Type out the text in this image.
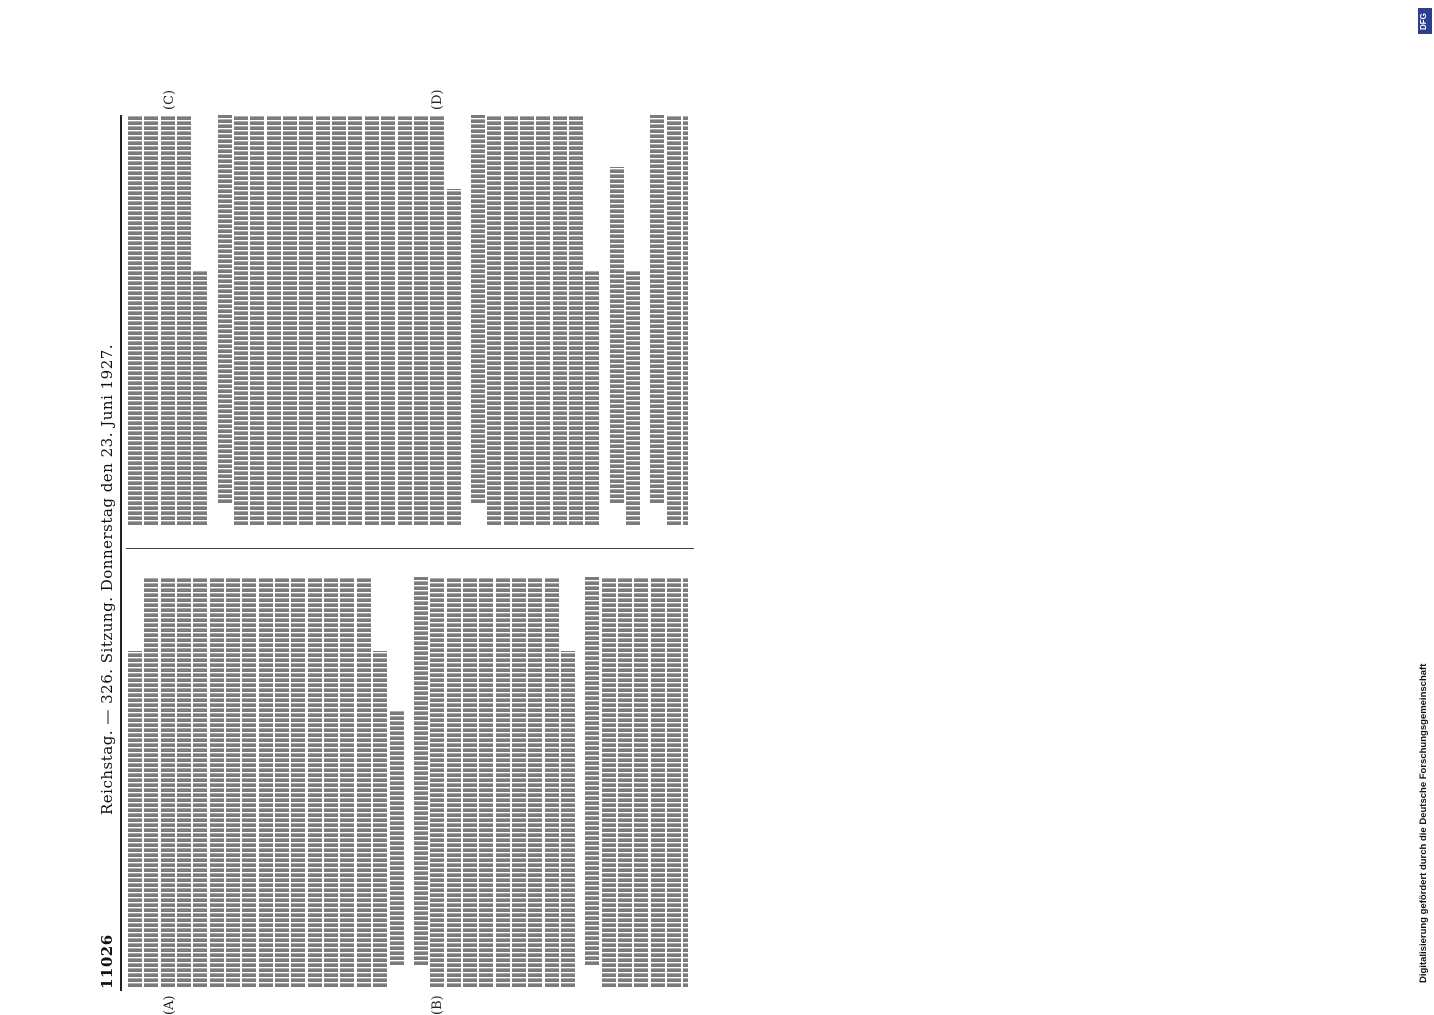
11026
Reichstag. — 326. Sitzung. Donnerstag den 23. Juni 1927.
(A)	(B)
(C)	(D)
DFG
Digitalisierung gefördert durch die Deutsche Forschungsgemeinschaft
